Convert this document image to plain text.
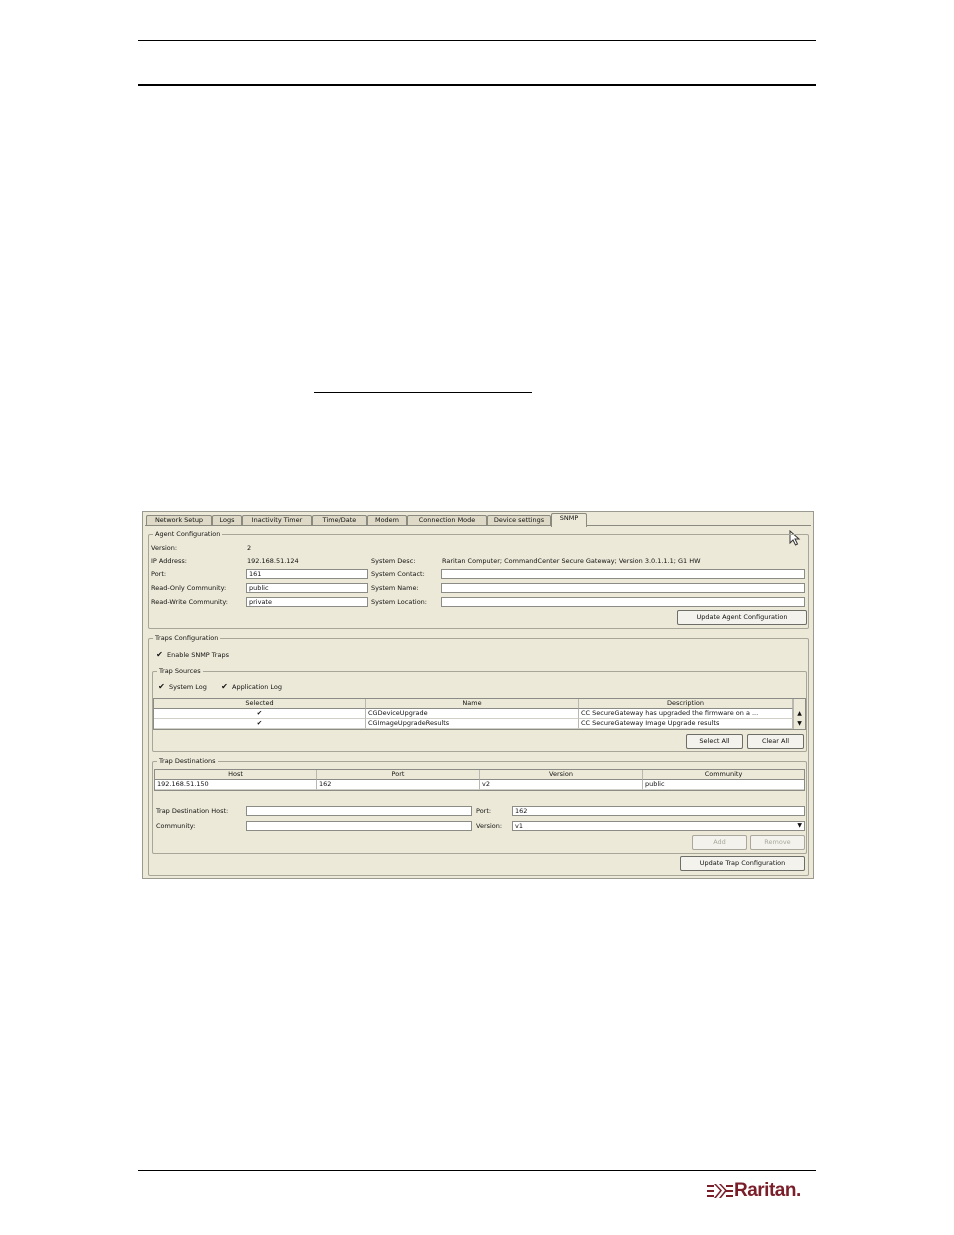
Network Setup	Logs	Inactivity Timer	Time/Date	Modem	Connection Mode	Device settings	SNMP
Agent Configuration
Version:	2
IP Address:	192.168.51.124
Port:	161
Read-Only Community:	public
Read-Write Community:	private
System Desc:	Raritan Computer; CommandCenter Secure Gateway; Version 3.0.1.1.1; G1 HW
System Contact:
System Name:
System Location:
Update Agent Configuration
Traps Configuration
✔ Enable SNMP Traps
Trap Sources
✔ System Log ✔ Application Log
Selected	Name	Description
✔	CGDeviceUpgrade	CC SecureGateway has upgraded the firmware on a ...
✔	CGImageUpgradeResults	CC SecureGateway Image Upgrade results
▲
▼
Select All	Clear All
Trap Destinations
Host	Port	Version	Community
192.168.51.150	162	v2	public
Trap Destination Host:
Community:
Port:	162
Version:	v1	▼
Add	Remove
Update Trap Configuration
Raritan.
